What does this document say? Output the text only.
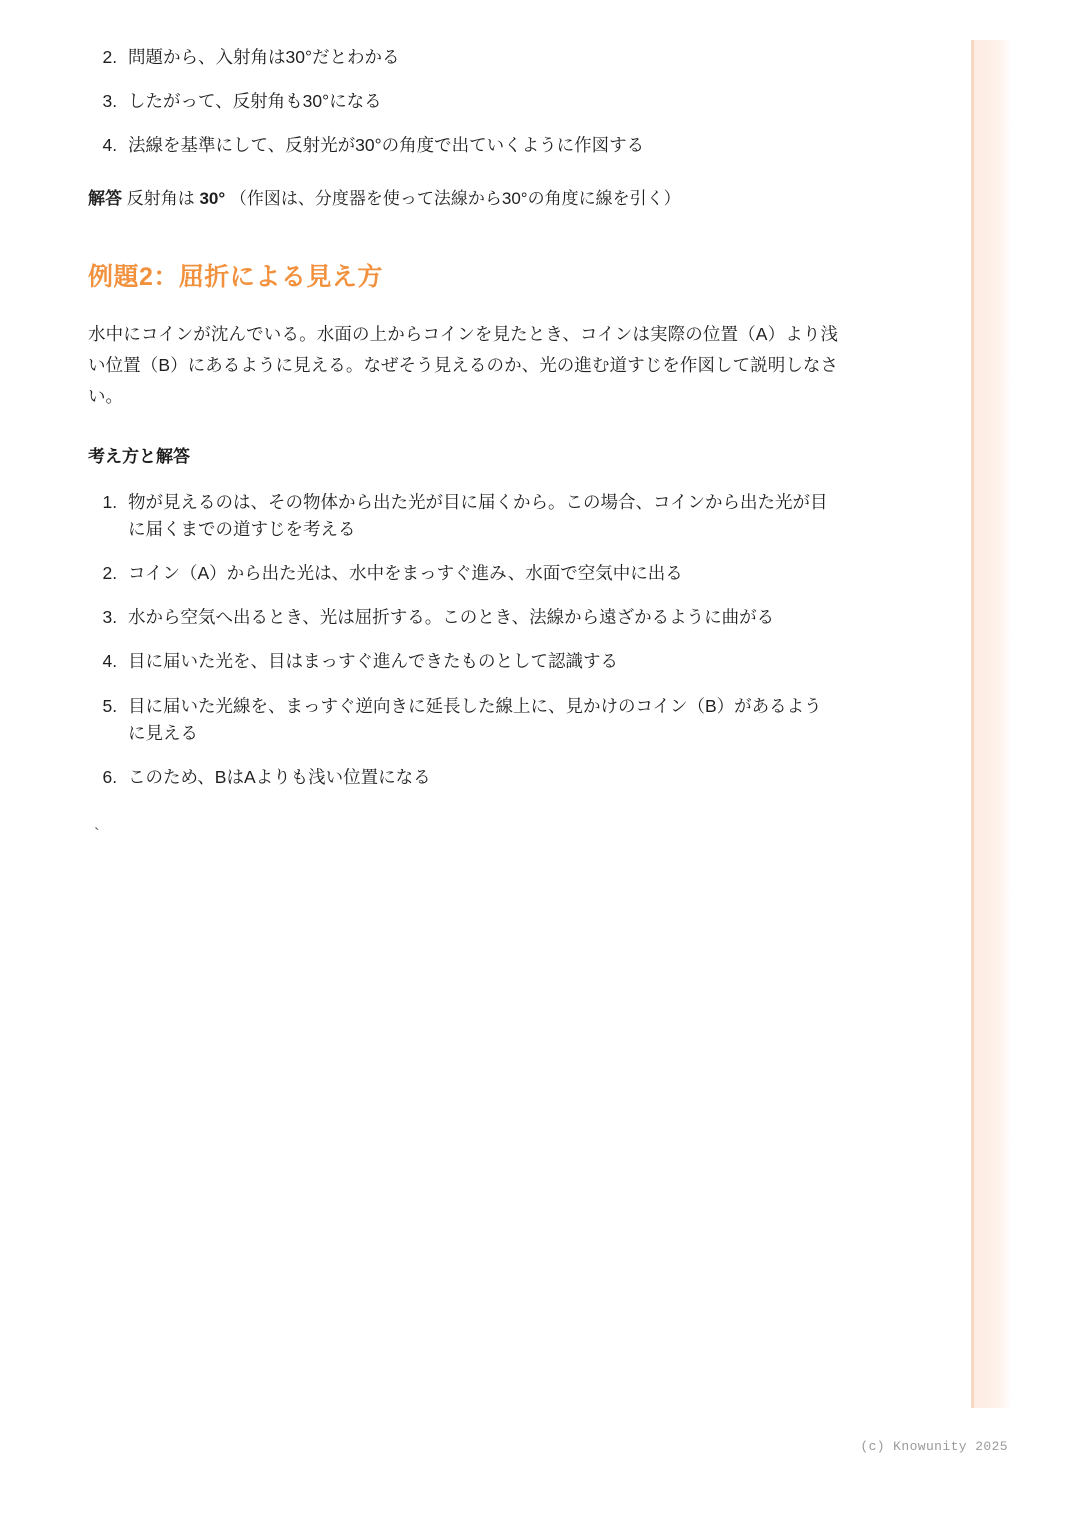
2. 問題から、入射角は30°だとわかる
3. したがって、反射角も30°になる
4. 法線を基準にして、反射光が30°の角度で出ていくように作図する

解答 反射角は 30° （作図は、分度器を使って法線から30°の角度に線を引く）

例題2：屈折による見え方

水中にコインが沈んでいる。水面の上からコインを見たとき、コインは実際の位置（A）より浅い位置（B）にあるように見える。なぜそう見えるのか、光の進む道すじを作図して説明しなさい。

考え方と解答
1. 物が見えるのは、その物体から出た光が目に届くから。この場合、コインから出た光が目に届くまでの道すじを考える
2. コイン（A）から出た光は、水中をまっすぐ進み、水面で空気中に出る
3. 水から空気へ出るとき、光は屈折する。このとき、法線から遠ざかるように曲がる
4. 目に届いた光を、目はまっすぐ進んできたものとして認識する
5. 目に届いた光線を、まっすぐ逆向きに延長した線上に、見かけのコイン（B）があるように見える
6. このため、BはAよりも浅い位置になる
`
(c) Knowunity 2025
